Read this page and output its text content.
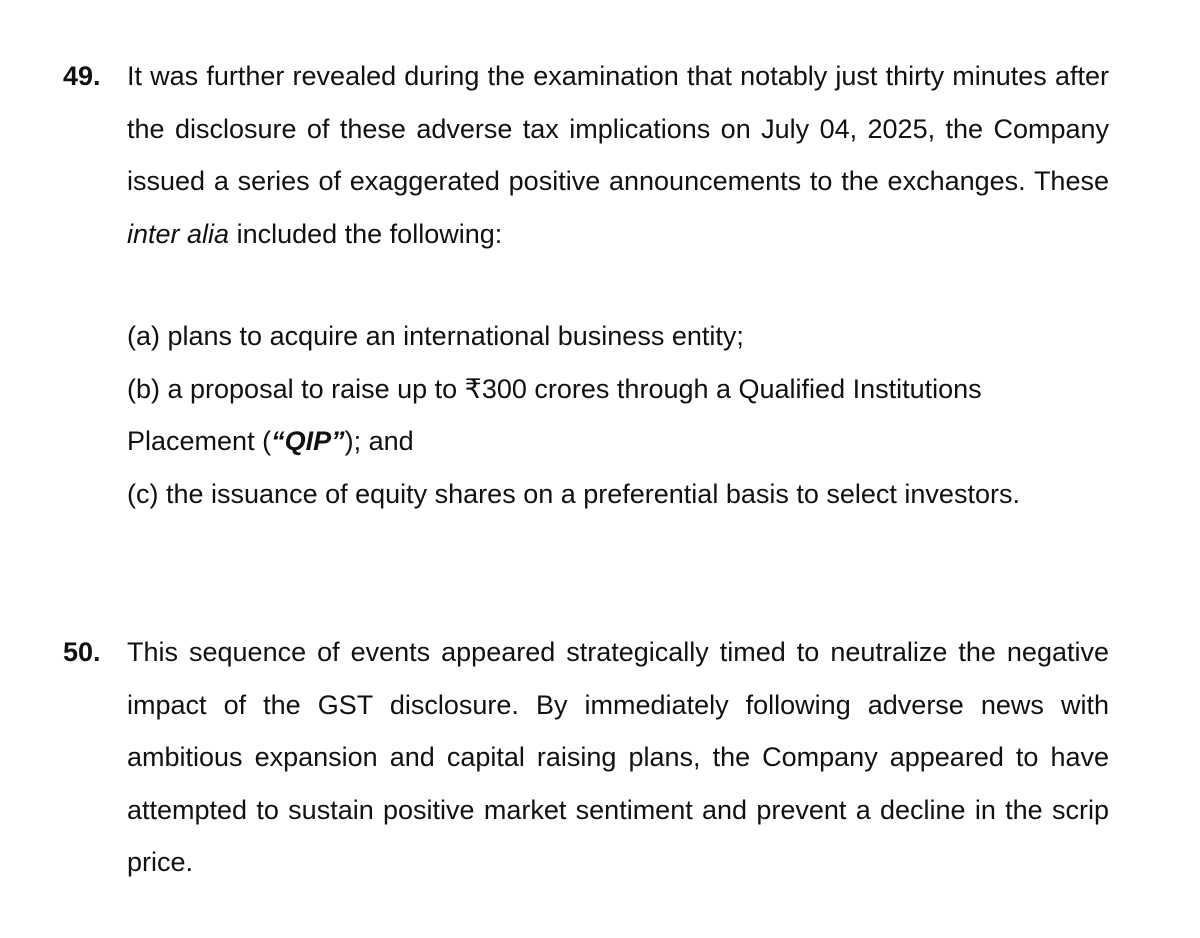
49. It was further revealed during the examination that notably just thirty minutes after the disclosure of these adverse tax implications on July 04, 2025, the Company issued a series of exaggerated positive announcements to the exchanges. These inter alia included the following:

(a) plans to acquire an international business entity;

(b) a proposal to raise up to ₹300 crores through a Qualified Institutions Placement (“QIP”); and

(c) the issuance of equity shares on a preferential basis to select investors.

50. This sequence of events appeared strategically timed to neutralize the negative impact of the GST disclosure. By immediately following adverse news with ambitious expansion and capital raising plans, the Company appeared to have attempted to sustain positive market sentiment and prevent a decline in the scrip price.
